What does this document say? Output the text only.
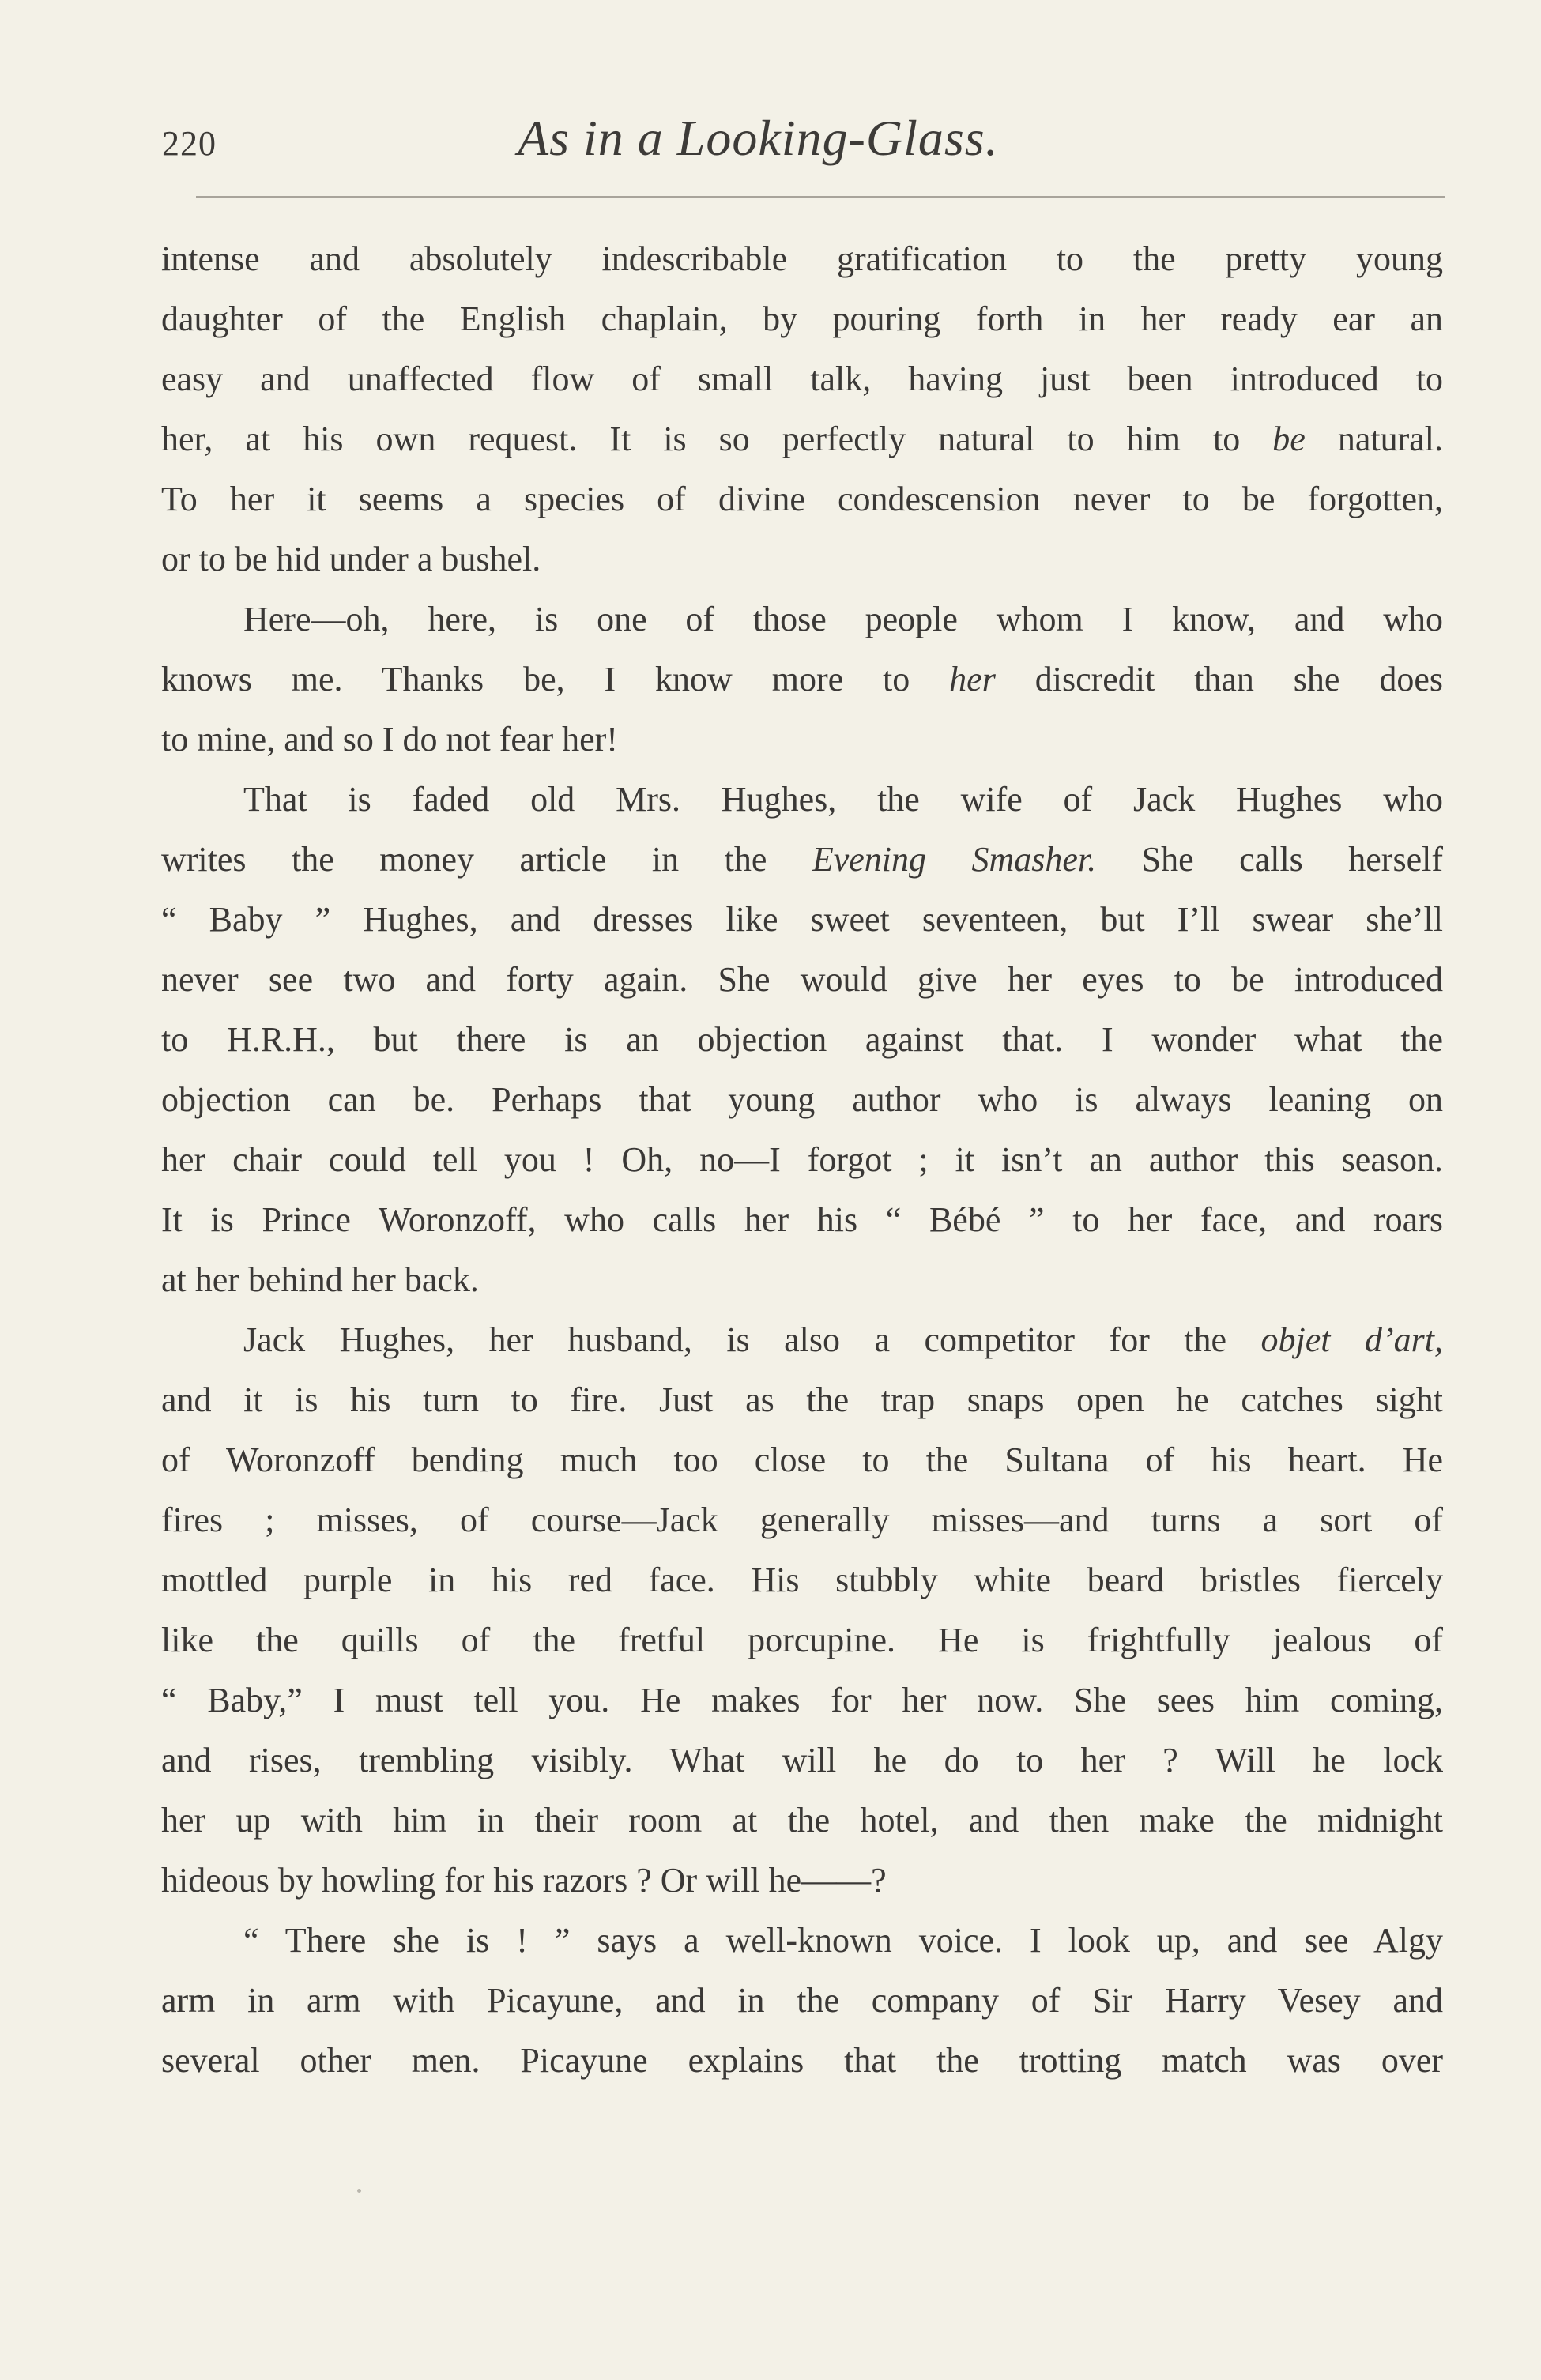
220	As in a Looking-Glass.
intense and absolutely indescribable gratification to the pretty young
daughter of the English chaplain, by pouring forth in her ready ear an
easy and unaffected flow of small talk, having just been introduced to
her, at his own request. It is so perfectly natural to him to be natural.
To her it seems a species of divine condescension never to be forgotten,
or to be hid under a bushel.
Here—oh, here, is one of those people whom I know, and who
knows me. Thanks be, I know more to her discredit than she does
to mine, and so I do not fear her!
That is faded old Mrs. Hughes, the wife of Jack Hughes who
writes the money article in the Evening Smasher. She calls herself
“ Baby ” Hughes, and dresses like sweet seventeen, but I’ll swear she’ll
never see two and forty again. She would give her eyes to be introduced
to H.R.H., but there is an objection against that. I wonder what the
objection can be. Perhaps that young author who is always leaning on
her chair could tell you ! Oh, no—I forgot ; it isn’t an author this season.
It is Prince Woronzoff, who calls her his “ Bébé ” to her face, and roars
at her behind her back.
Jack Hughes, her husband, is also a competitor for the objet d’art,
and it is his turn to fire. Just as the trap snaps open he catches sight
of Woronzoff bending much too close to the Sultana of his heart. He
fires ; misses, of course—Jack generally misses—and turns a sort of
mottled purple in his red face. His stubbly white beard bristles fiercely
like the quills of the fretful porcupine. He is frightfully jealous of
“ Baby,” I must tell you. He makes for her now. She sees him coming,
and rises, trembling visibly. What will he do to her ? Will he lock
her up with him in their room at the hotel, and then make the midnight
hideous by howling for his razors ? Or will he——?
“ There she is ! ” says a well-known voice. I look up, and see Algy
arm in arm with Picayune, and in the company of Sir Harry Vesey and
several other men. Picayune explains that the trotting match was over
